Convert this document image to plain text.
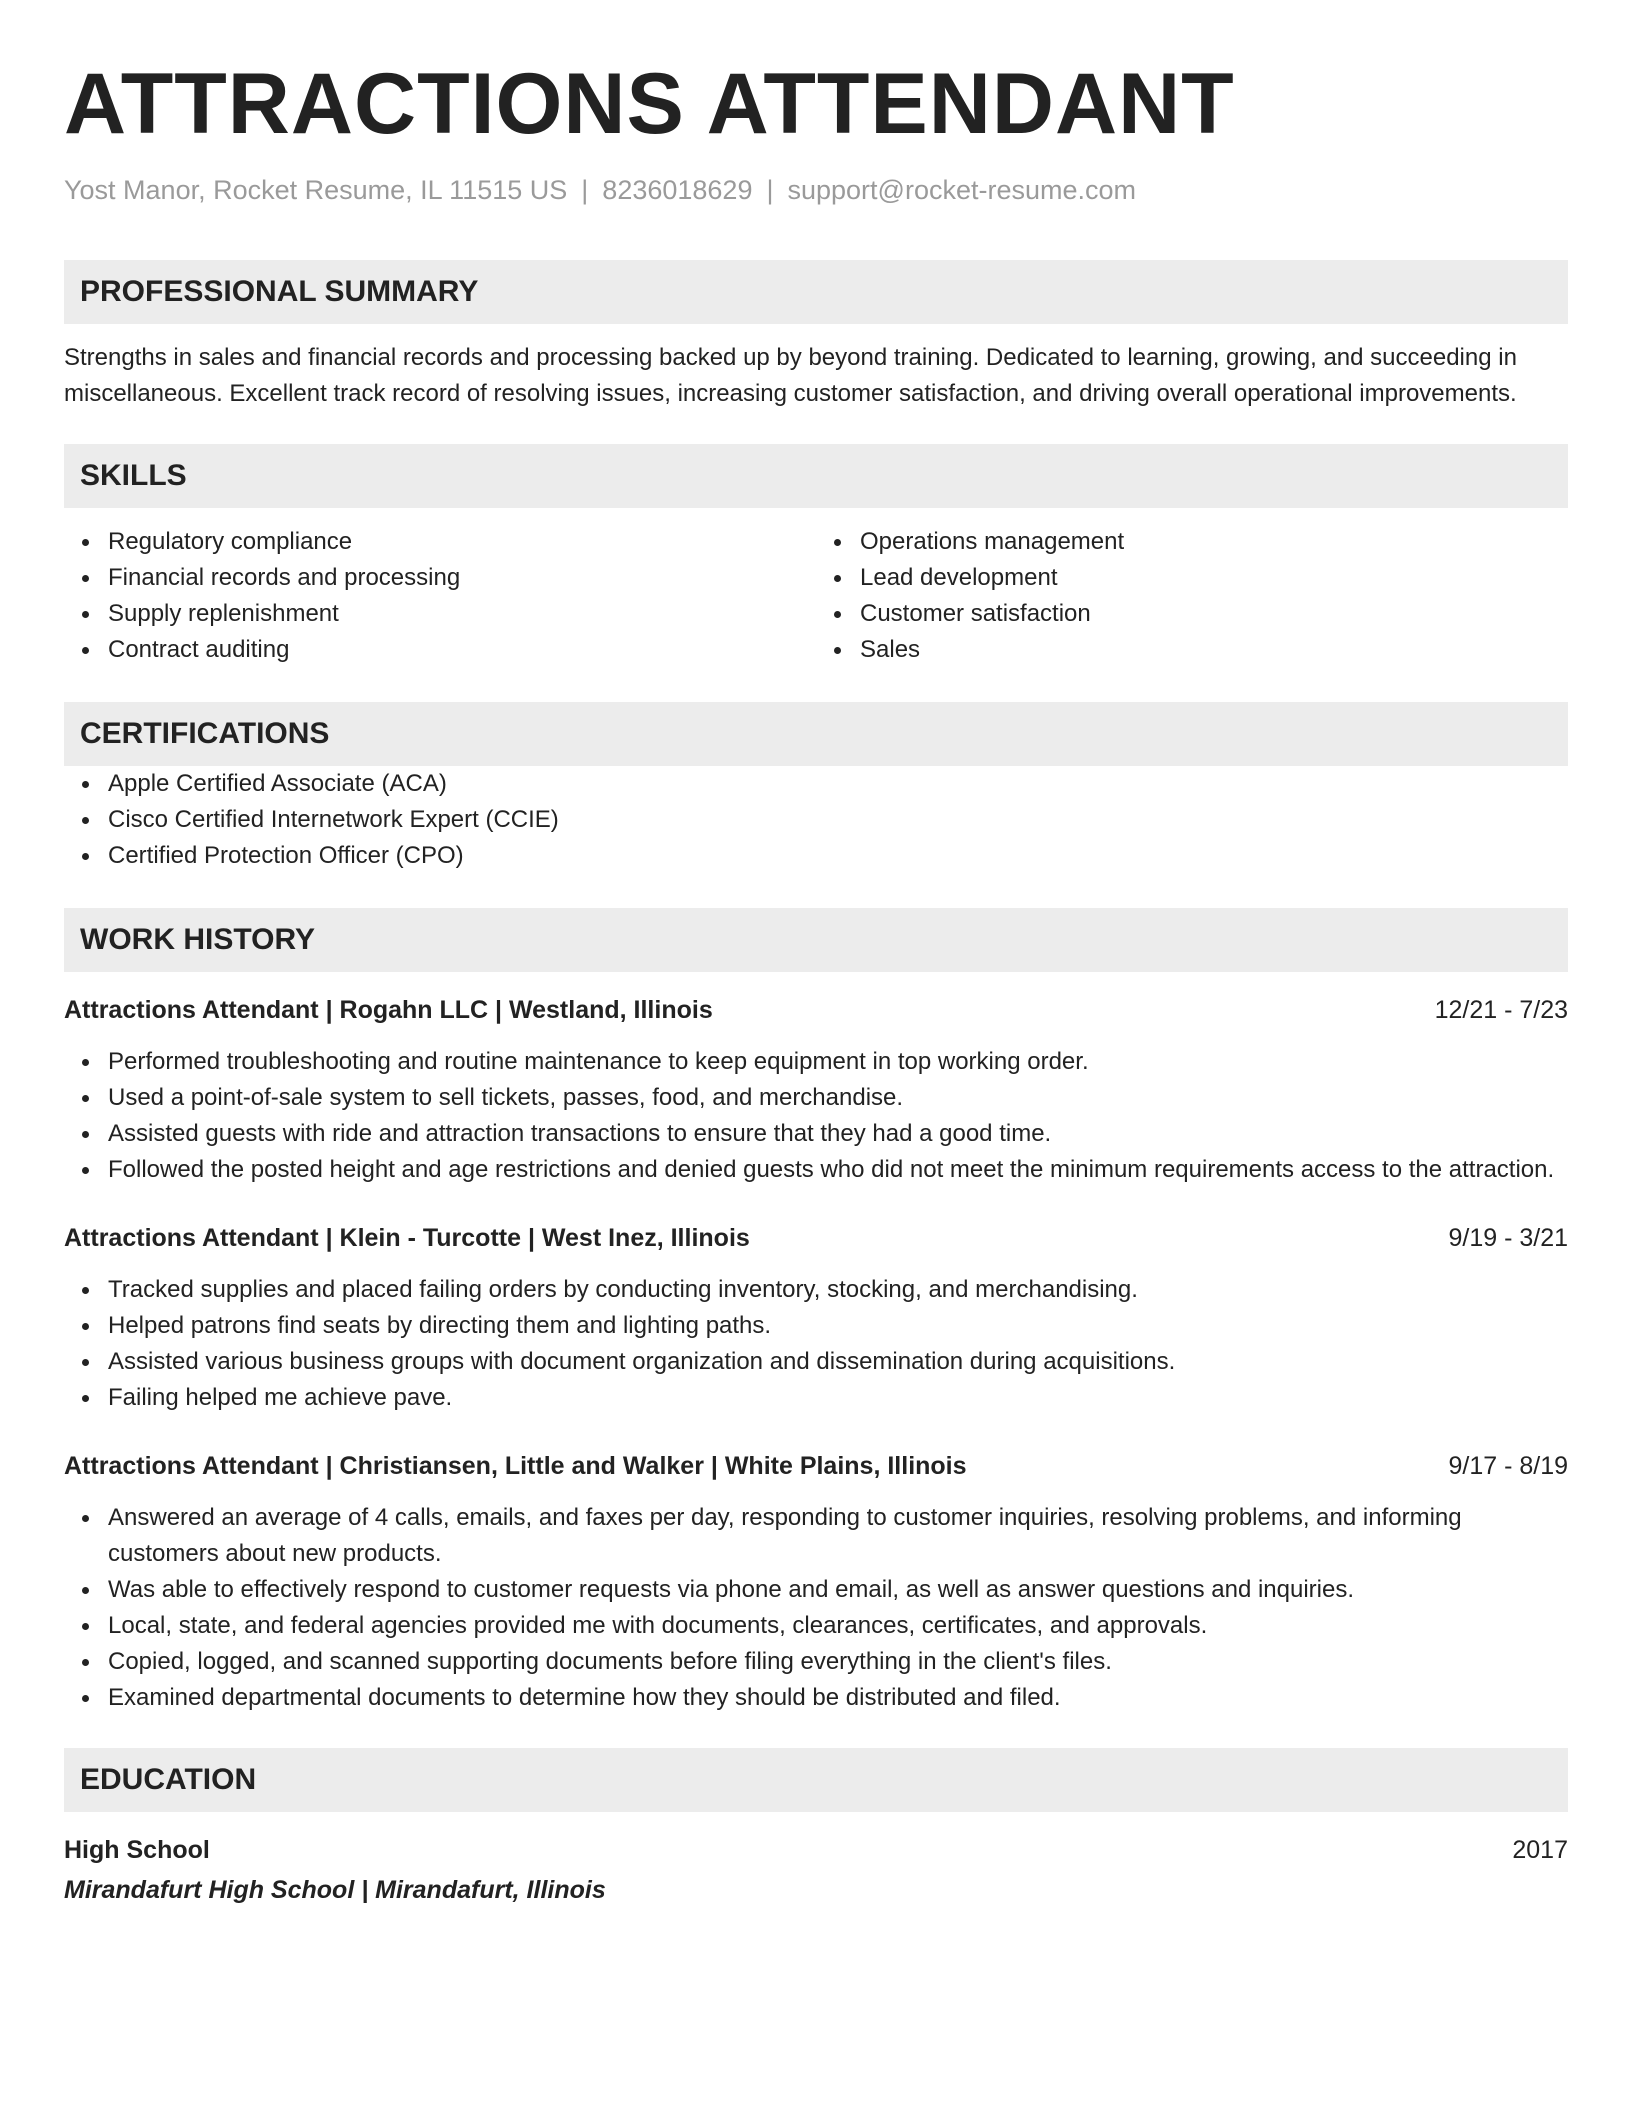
ATTRACTIONS ATTENDANT
Yost Manor, Rocket Resume, IL 11515 US | 8236018629 | support@rocket-resume.com
PROFESSIONAL SUMMARY
Strengths in sales and financial records and processing backed up by beyond training. Dedicated to learning, growing, and succeeding in miscellaneous. Excellent track record of resolving issues, increasing customer satisfaction, and driving overall operational improvements.
SKILLS
Regulatory compliance
Financial records and processing
Supply replenishment
Contract auditing
Operations management
Lead development
Customer satisfaction
Sales
CERTIFICATIONS
Apple Certified Associate (ACA)
Cisco Certified Internetwork Expert (CCIE)
Certified Protection Officer (CPO)
WORK HISTORY
Attractions Attendant | Rogahn LLC | Westland, Illinois	12/21 - 7/23
Performed troubleshooting and routine maintenance to keep equipment in top working order.
Used a point-of-sale system to sell tickets, passes, food, and merchandise.
Assisted guests with ride and attraction transactions to ensure that they had a good time.
Followed the posted height and age restrictions and denied guests who did not meet the minimum requirements access to the attraction.
Attractions Attendant | Klein - Turcotte | West Inez, Illinois	9/19 - 3/21
Tracked supplies and placed failing orders by conducting inventory, stocking, and merchandising.
Helped patrons find seats by directing them and lighting paths.
Assisted various business groups with document organization and dissemination during acquisitions.
Failing helped me achieve pave.
Attractions Attendant | Christiansen, Little and Walker | White Plains, Illinois	9/17 - 8/19
Answered an average of 4 calls, emails, and faxes per day, responding to customer inquiries, resolving problems, and informing customers about new products.
Was able to effectively respond to customer requests via phone and email, as well as answer questions and inquiries.
Local, state, and federal agencies provided me with documents, clearances, certificates, and approvals.
Copied, logged, and scanned supporting documents before filing everything in the client's files.
Examined departmental documents to determine how they should be distributed and filed.
EDUCATION
High School	2017
Mirandafurt High School | Mirandafurt, Illinois
